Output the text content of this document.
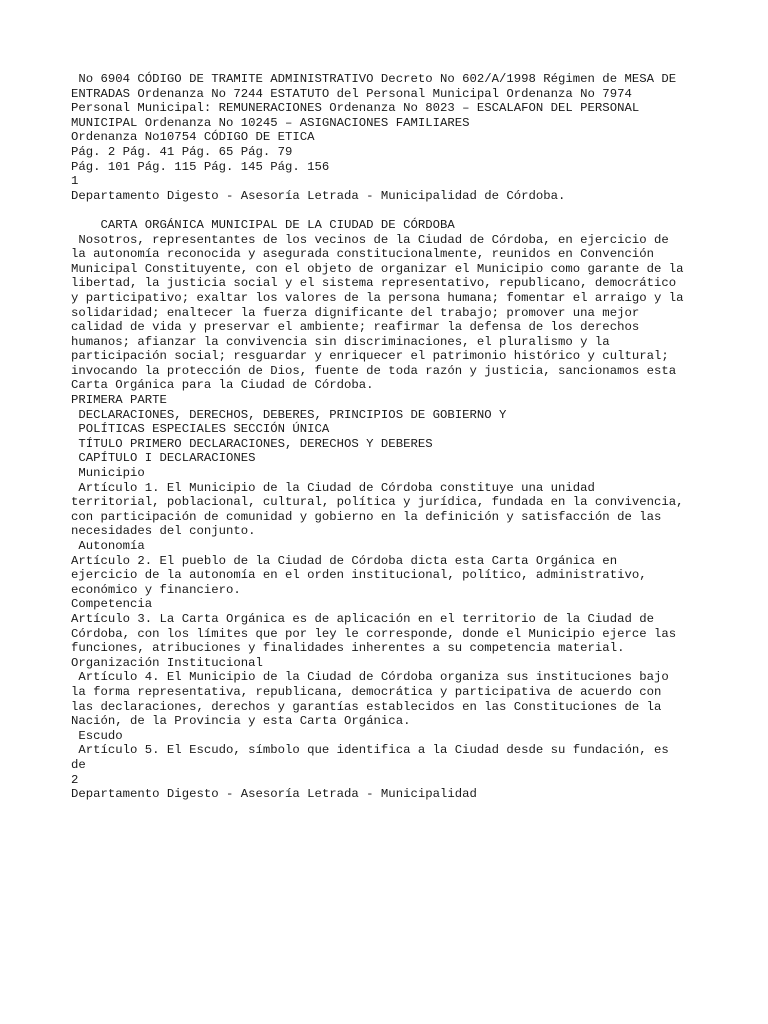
No 6904 CÓDIGO DE TRAMITE ADMINISTRATIVO Decreto No 602/A/1998 Régimen de MESA DE
ENTRADAS Ordenanza No 7244 ESTATUTO del Personal Municipal Ordenanza No 7974
Personal Municipal: REMUNERACIONES Ordenanza No 8023 – ESCALAFON DEL PERSONAL
MUNICIPAL Ordenanza No 10245 – ASIGNACIONES FAMILIARES
Ordenanza No10754 CÓDIGO DE ETICA
Pág. 2 Pág. 41 Pág. 65 Pág. 79
Pág. 101 Pág. 115 Pág. 145 Pág. 156
1
Departamento Digesto - Asesoría Letrada - Municipalidad de Córdoba.
CARTA ORGÁNICA MUNICIPAL DE LA CIUDAD DE CÓRDOBA
Nosotros, representantes de los vecinos de la Ciudad de Córdoba, en ejercicio de
la autonomía reconocida y asegurada constitucionalmente, reunidos en Convención
Municipal Constituyente, con el objeto de organizar el Municipio como garante de la
libertad, la justicia social y el sistema representativo, republicano, democrático
y participativo; exaltar los valores de la persona humana; fomentar el arraigo y la
solidaridad; enaltecer la fuerza dignificante del trabajo; promover una mejor
calidad de vida y preservar el ambiente; reafirmar la defensa de los derechos
humanos; afianzar la convivencia sin discriminaciones, el pluralismo y la
participación social; resguardar y enriquecer el patrimonio histórico y cultural;
invocando la protección de Dios, fuente de toda razón y justicia, sancionamos esta
Carta Orgánica para la Ciudad de Córdoba.
PRIMERA PARTE
DECLARACIONES, DERECHOS, DEBERES, PRINCIPIOS DE GOBIERNO Y
POLÍTICAS ESPECIALES SECCIÓN ÚNICA
TÍTULO PRIMERO DECLARACIONES, DERECHOS Y DEBERES
CAPÍTULO I DECLARACIONES
Municipio
Artículo 1. El Municipio de la Ciudad de Córdoba constituye una unidad
territorial, poblacional, cultural, política y jurídica, fundada en la convivencia,
con participación de comunidad y gobierno en la definición y satisfacción de las
necesidades del conjunto.
Autonomía
Artículo 2. El pueblo de la Ciudad de Córdoba dicta esta Carta Orgánica en
ejercicio de la autonomía en el orden institucional, político, administrativo,
económico y financiero.
Competencia
Artículo 3. La Carta Orgánica es de aplicación en el territorio de la Ciudad de
Córdoba, con los límites que por ley le corresponde, donde el Municipio ejerce las
funciones, atribuciones y finalidades inherentes a su competencia material.
Organización Institucional
Artículo 4. El Municipio de la Ciudad de Córdoba organiza sus instituciones bajo
la forma representativa, republicana, democrática y participativa de acuerdo con
las declaraciones, derechos y garantías establecidos en las Constituciones de la
Nación, de la Provincia y esta Carta Orgánica.
Escudo
Artículo 5. El Escudo, símbolo que identifica a la Ciudad desde su fundación, es
de
2
Departamento Digesto - Asesoría Letrada - Municipalidad
